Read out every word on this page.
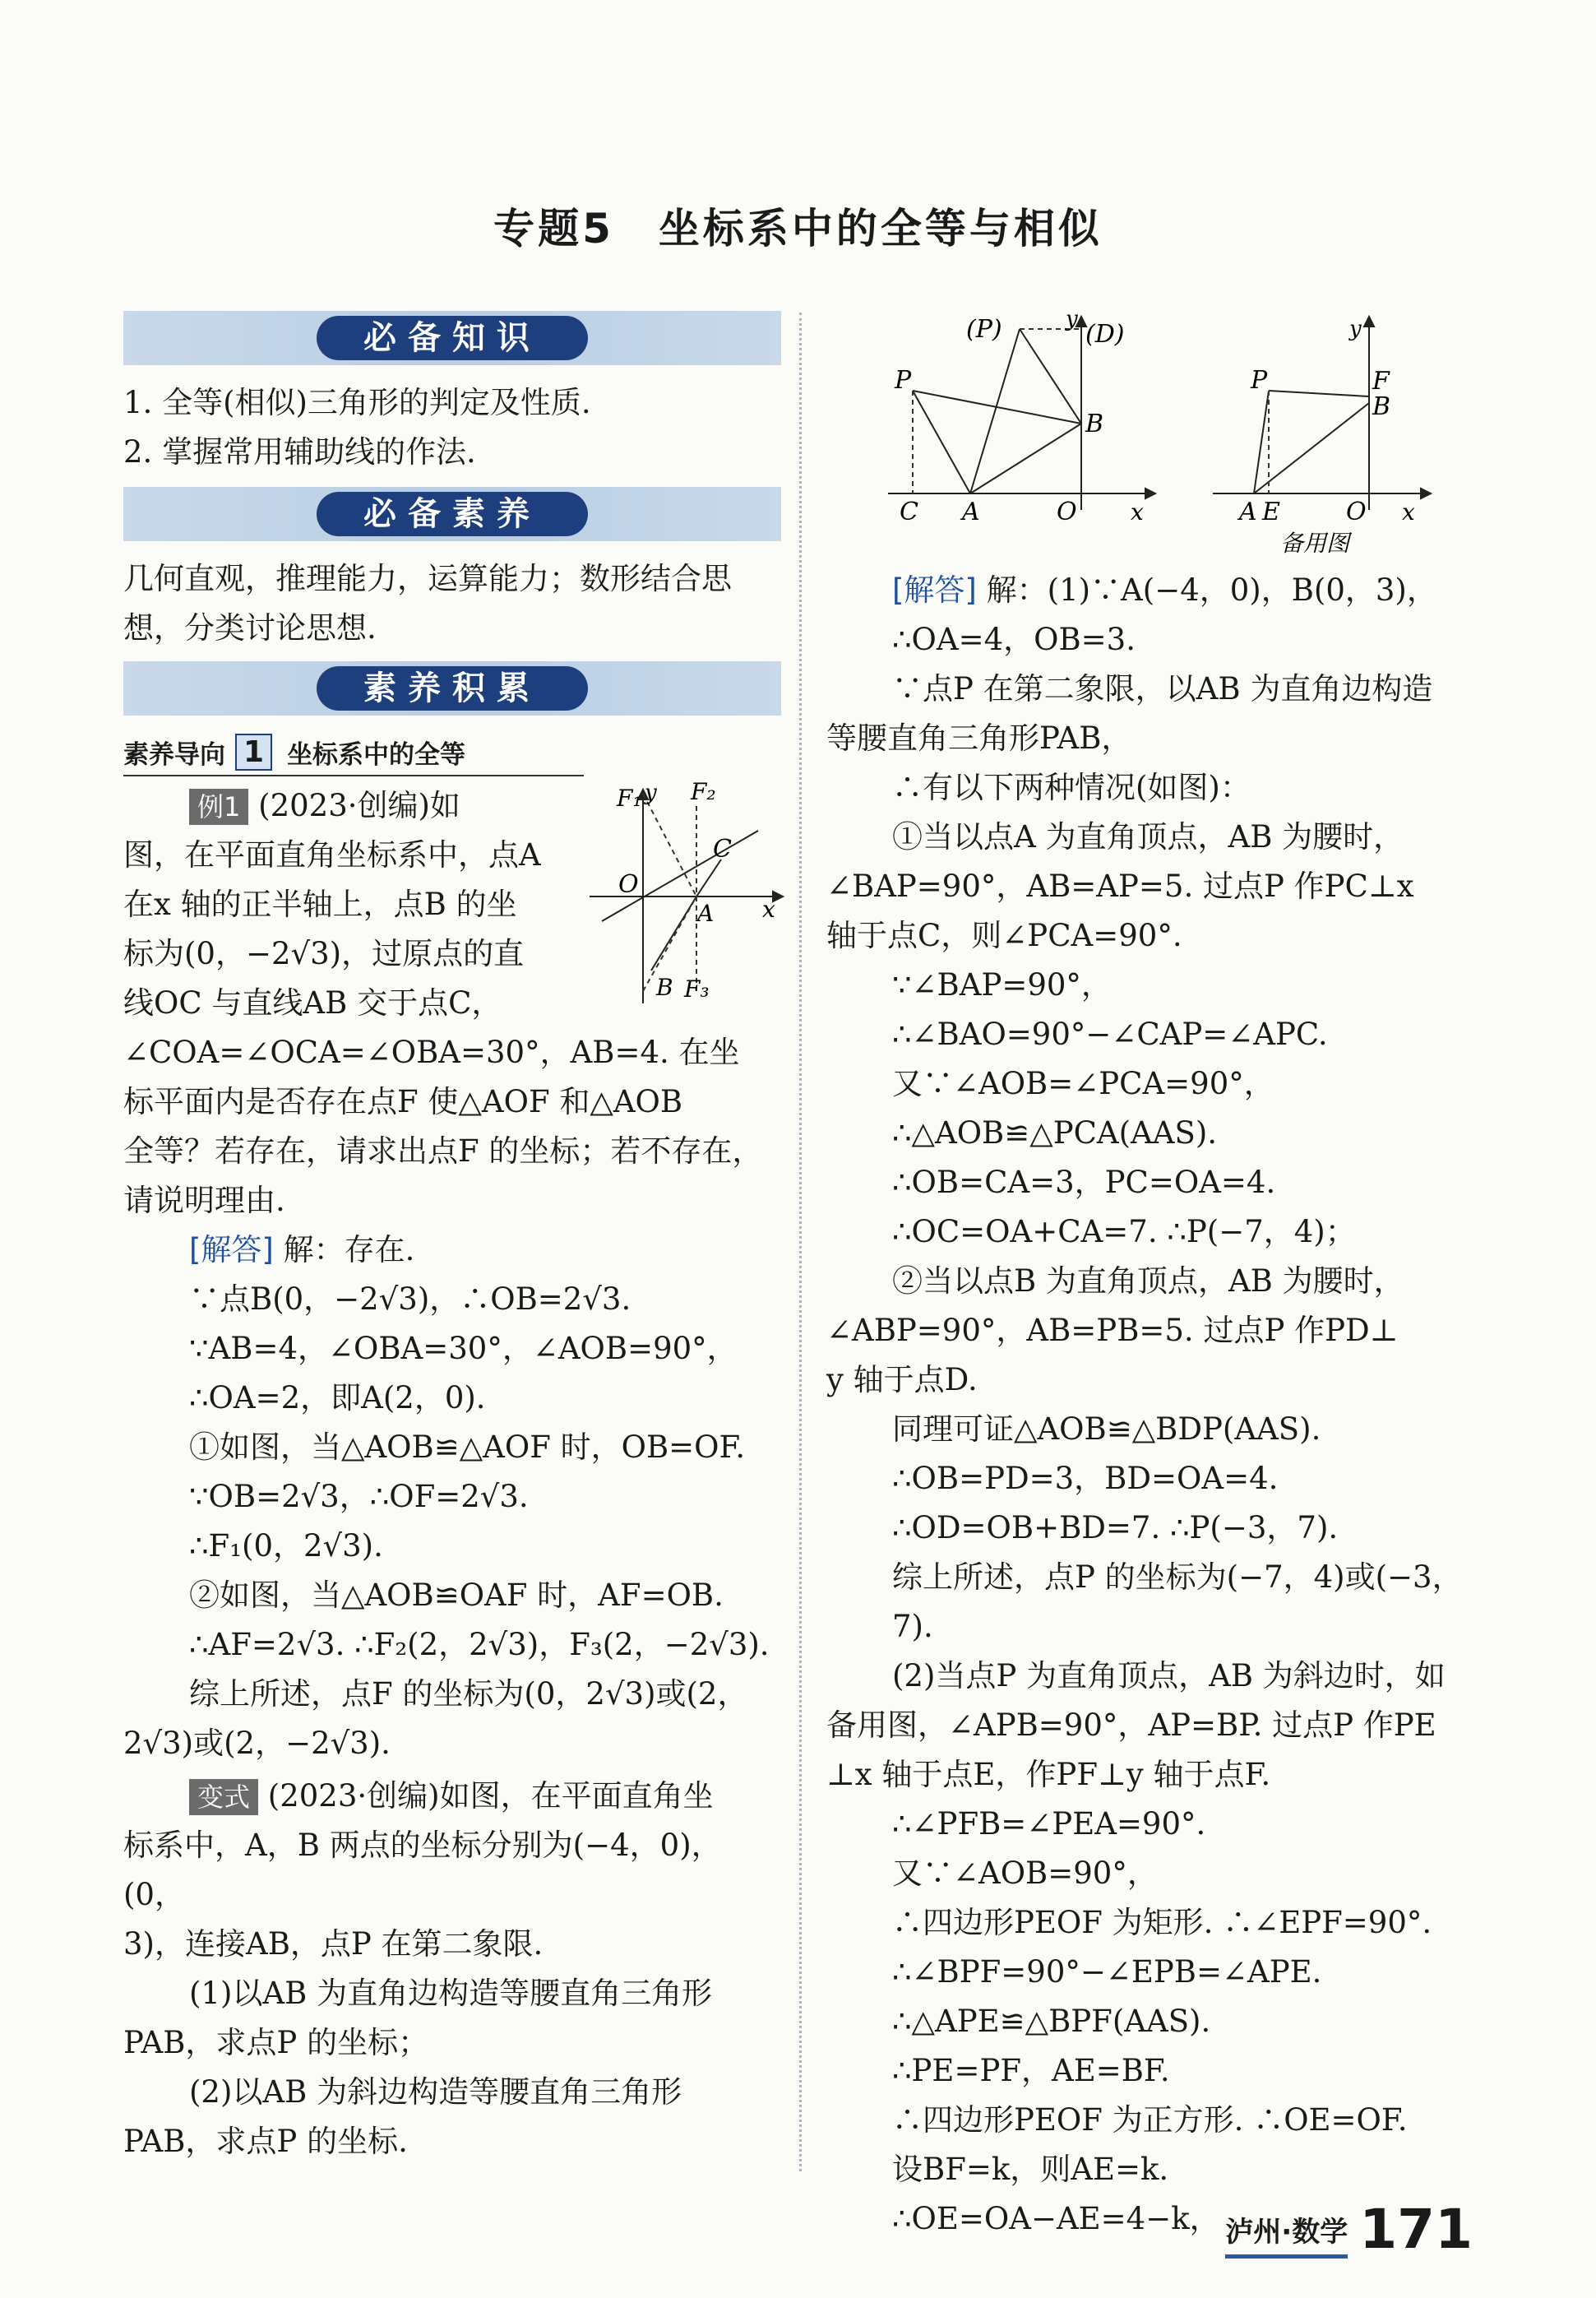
专题5　坐标系中的全等与相似
必备知识

1. 全等(相似)三角形的判定及性质.

2. 掌握常用辅助线的作法.

必备素养

几何直观，推理能力，运算能力；数形结合思想，分类讨论思想.

素养积累
素养导向 1 坐标系中的全等

例1 (2023·创编)如

图，在平面直角坐标系中，点A

在x 轴的正半轴上，点B 的坐

标为(0，−2√3)，过原点的直

线OC 与直线AB 交于点C，

∠COA=∠OCA=∠OBA=30°，AB=4. 在坐

标平面内是否存在点F 使△AOF 和△AOB

全等？若存在，请求出点F 的坐标；若不存在，

请说明理由.

[解答] 解：存在.

∵点B(0，−2√3)，∴OB=2√3.

∵AB=4，∠OBA=30°，∠AOB=90°，

∴OA=2，即A(2，0).

①如图，当△AOB≌△AOF 时，OB=OF.

∵OB=2√3，∴OF=2√3.

∴F₁(0，2√3).

②如图，当△AOB≌OAF 时，AF=OB.

∴AF=2√3. ∴F₂(2，2√3)，F₃(2，−2√3).

综上所述，点F 的坐标为(0，2√3)或(2，

2√3)或(2，−2√3).

变式 (2023·创编)如图，在平面直角坐

标系中，A，B 两点的坐标分别为(−4，0)，(0，

3)，连接AB，点P 在第二象限.

(1)以AB 为直角边构造等腰直角三角形

PAB，求点P 的坐标；

(2)以AB 为斜边构造等腰直角三角形

PAB，求点P 的坐标.

F₁ y F₂
C
O
A x
B F₃
(P)	y
(D)
P
B
C A	O x
y
P	F
B
A E	O x
备用图

[解答] 解：(1)∵A(−4，0)，B(0，3)，

∴OA=4，OB=3.

∵点P 在第二象限，以AB 为直角边构造

等腰直角三角形PAB，

∴有以下两种情况(如图)：

①当以点A 为直角顶点，AB 为腰时，

∠BAP=90°，AB=AP=5. 过点P 作PC⊥x

轴于点C，则∠PCA=90°.

∵∠BAP=90°，

∴∠BAO=90°−∠CAP=∠APC.

又∵∠AOB=∠PCA=90°，

∴△AOB≌△PCA(AAS).

∴OB=CA=3，PC=OA=4.

∴OC=OA+CA=7. ∴P(−7，4)；

②当以点B 为直角顶点，AB 为腰时，

∠ABP=90°，AB=PB=5. 过点P 作PD⊥

y 轴于点D.

同理可证△AOB≌△BDP(AAS).

∴OB=PD=3，BD=OA=4.

∴OD=OB+BD=7. ∴P(−3，7).

综上所述，点P 的坐标为(−7，4)或(−3，7).

(2)当点P 为直角顶点，AB 为斜边时，如

备用图，∠APB=90°，AP=BP. 过点P 作PE

⊥x 轴于点E，作PF⊥y 轴于点F.

∴∠PFB=∠PEA=90°.

又∵∠AOB=90°，

∴四边形PEOF 为矩形. ∴∠EPF=90°.

∴∠BPF=90°−∠EPB=∠APE.

∴△APE≌△BPF(AAS).

∴PE=PF，AE=BF.

∴四边形PEOF 为正方形. ∴OE=OF.

设BF=k，则AE=k.

∴OE=OA−AE=4−k， 泸州·数学 171
